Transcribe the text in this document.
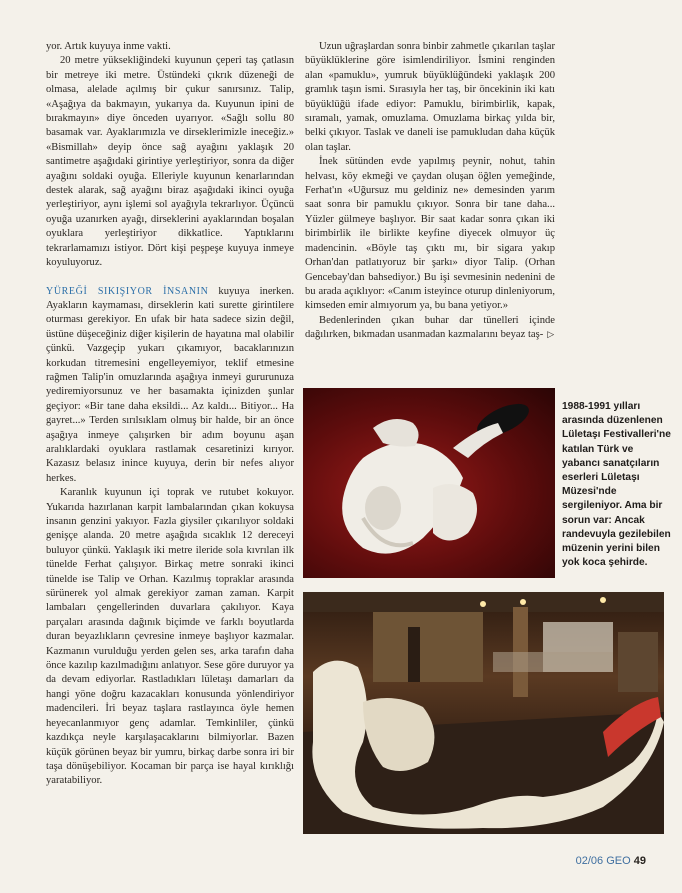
yor. Artık kuyuya inme vakti.

20 metre yüksekliğindeki kuyunun çeperi taş çatlasın bir metreye iki metre. Üstündeki çıkrık düzeneği de olmasa, alelade açılmış bir çukur sanırsınız. Talip, «Aşağıya da bakmayın, yukarıya da. Kuyunun ipini de bırakmayın» diye önceden uyarıyor. «Sağlı sollu 80 basamak var. Ayaklarımızla ve dirseklerimizle ineceğiz.» «Bismillah» deyip önce sağ ayağını yaklaşık 20 santimetre aşağıdaki girintiye yerleştiriyor, sonra da diğer ayağını soldaki oyuğa. Elleriyle kuyunun kenarlarından destek alarak, sağ ayağını biraz aşağıdaki ikinci oyuğa yerleştiriyor, aynı işlemi sol ayağıyla tekrarlıyor. Üçüncü oyuğa uzanırken ayağı, dirseklerini ayaklarından boşalan oyuklara yerleştiriyor dikkatlice. Yaptıklarını tekrarlamamızı istiyor. Dört kişi peşpeşe kuyuya inmeye koyuluyoruz.

YÜREĞİ SIKIŞIYOR İNSANIN kuyuya inerken. Ayakların kaymaması, dirseklerin kati surette girintilere oturması gerekiyor. En ufak bir hata sadece sizin değil, üstüne düşeceğiniz diğer kişilerin de hayatına mal olabilir çünkü. Vazgeçip yukarı çıkamıyor, bacaklarınızın korkudan titremesini engelleyemiyor, teklif etmesine rağmen Talip'in omuzlarında aşağıya inmeyi gururunuza yediremiyorsunuz ve her basamakta içinizden şunlar geçiyor: «Bir tane daha eksildi... Az kaldı... Bitiyor... Ha gayret...» Terden sırılsıklam olmuş bir halde, bir an önce aşağıya inmeye çalışırken bir adım boyunu aşan aralıklardaki oyuklara rastlamak cesaretinizi kırıyor. Kazasız belasız inince kuyuya, derin bir nefes alıyor herkes.

Karanlık kuyunun içi toprak ve rutubet kokuyor. Yukarıda hazırlanan karpit lambalarından çıkan kokuysa insanın genzini yakıyor. Fazla giysiler çıkarılıyor soldaki genişçe alanda. 20 metre aşağıda sıcaklık 12 dereceyi buluyor çünkü. Yaklaşık iki metre ileride sola kıvrılan ilk tünelde Ferhat çalışıyor. Birkaç metre sonraki ikinci tünelde ise Talip ve Orhan. Kazılmış topraklar arasında sürünerek yol almak gerekiyor zaman zaman. Karpit lambaları çengellerinden duvarlara çakılıyor. Kaya parçaları arasında dağınık biçimde ve farklı boyutlarda duran beyazlıkların çevresine inmeye başlıyor kazmalar. Kazmanın vurulduğu yerden gelen ses, arka tarafın daha önce kazılıp kazılmadığını anlatıyor. Sese göre duruyor ya da devam ediyorlar. Rastladıkları lületaşı damarları da hangi yöne doğru kazacakları konusunda yönlendiriyor madencileri. İri beyaz taşlara rastlayınca öyle hemen heyecanlanmıyor genç adamlar. Temkinliler, çünkü kazdıkça neyle karşılaşacaklarını bilmiyorlar. Bazen küçük görünen beyaz bir yumru, birkaç darbe sonra iri bir taşa dönüşebiliyor. Kocaman bir parça ise hayal kırıklığı yaratabiliyor.

Uzun uğraşlardan sonra binbir zahmetle çıkarılan taşlar büyüklüklerine göre isimlendiriliyor. İsmini renginden alan «pamuklu», yumruk büyüklüğündeki yaklaşık 200 gramlık taşın ismi. Sırasıyla her taş, bir öncekinin iki katı büyüklüğü ifade ediyor: Pamuklu, birimbirlik, kapak, sıramalı, yamak, omuzlama. Omuzlama birkaç yılda bir, belki çıkıyor. Taslak ve daneli ise pamukludan daha küçük olan taşlar.

İnek sütünden evde yapılmış peynir, nohut, tahin helvası, köy ekmeği ve çaydan oluşan öğlen yemeğinde, Ferhat'ın «Uğursuz mu geldiniz ne» demesinden yarım saat sonra bir pamuklu çıkıyor. Sonra bir tane daha... Yüzler gülmeye başlıyor. Bir saat kadar sonra çıkan iki birimbirlik ile birlikte keyfine diyecek olmuyor üç madencinin. «Böyle taş çıktı mı, bir sigara yakıp Orhan'dan patlatıyoruz bir şarkı» diyor Talip. (Orhan Gencebay'dan bahsediyor.) Bu işi sevmesinin nedenini de bu arada açıklıyor: «Canım isteyince oturup dinleniyorum, kimseden emir almıyorum ya, bu bana yetiyor.»

Bedenlerinden çıkan buhar dar tünelleri içinde dağılırken, bıkmadan usanmadan kazmalarını beyaz taş- ▷

1988-1991 yılları arasında düzenlenen Lületaşı Festivalleri'ne katılan Türk ve yabancı sanatçıların eserleri Lületaşı Müzesi'nde sergileniyor. Ama bir sorun var: Ancak randevuyla gezilebilen müzenin yerini bilen yok koca şehirde.
02/06 GEO 49
